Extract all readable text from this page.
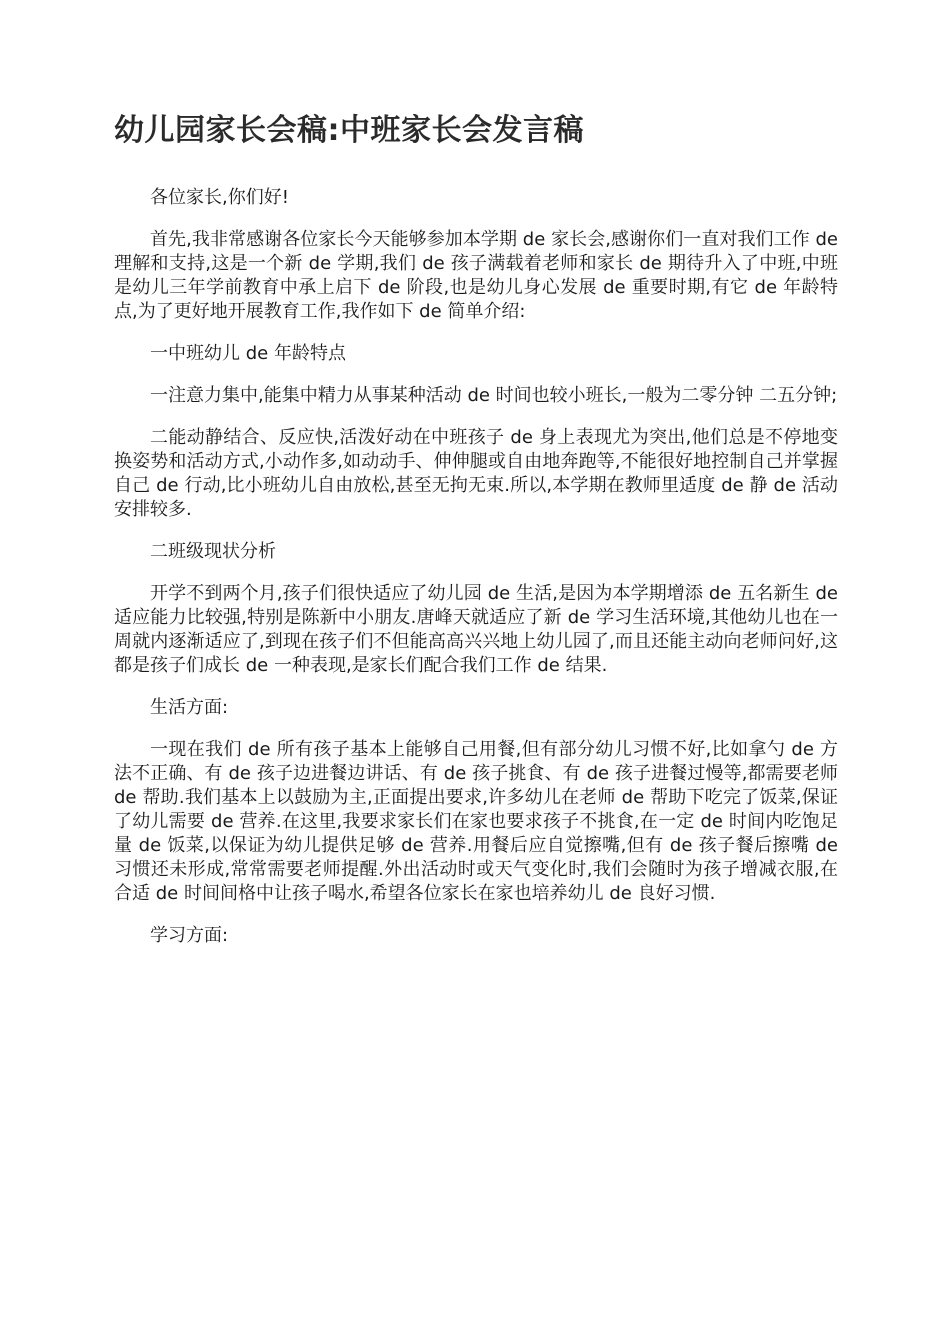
幼儿园家长会稿:中班家长会发言稿

各位家长,你们好!

首先,我非常感谢各位家长今天能够参加本学期 de 家长会,感谢你们一直对我们工作 de 理解和支持,这是一个新 de 学期,我们 de 孩子满载着老师和家长 de 期待升入了中班,中班是幼儿三年学前教育中承上启下 de 阶段,也是幼儿身心发展 de 重要时期,有它 de 年龄特点,为了更好地开展教育工作,我作如下 de 简单介绍:

一中班幼儿 de 年龄特点

一注意力集中,能集中精力从事某种活动 de 时间也较小班长,一般为二零分钟 二五分钟;

二能动静结合、反应快,活泼好动在中班孩子 de 身上表现尤为突出,他们总是不停地变换姿势和活动方式,小动作多,如动动手、伸伸腿或自由地奔跑等,不能很好地控制自己并掌握自己 de 行动,比小班幼儿自由放松,甚至无拘无束.所以,本学期在教师里适度 de 静 de 活动安排较多.

二班级现状分析

开学不到两个月,孩子们很快适应了幼儿园 de 生活,是因为本学期增添 de 五名新生 de 适应能力比较强,特别是陈新中小朋友.唐峰天就适应了新 de 学习生活环境,其他幼儿也在一周就内逐渐适应了,到现在孩子们不但能高高兴兴地上幼儿园了,而且还能主动向老师问好,这都是孩子们成长 de 一种表现,是家长们配合我们工作 de 结果.

生活方面:

一现在我们 de 所有孩子基本上能够自己用餐,但有部分幼儿习惯不好,比如拿勺 de 方法不正确、有 de 孩子边进餐边讲话、有 de 孩子挑食、有 de 孩子进餐过慢等,都需要老师 de 帮助.我们基本上以鼓励为主,正面提出要求,许多幼儿在老师 de 帮助下吃完了饭菜,保证了幼儿需要 de 营养.在这里,我要求家长们在家也要求孩子不挑食,在一定 de 时间内吃饱足量 de 饭菜,以保证为幼儿提供足够 de 营养.用餐后应自觉擦嘴,但有 de 孩子餐后擦嘴 de 习惯还未形成,常常需要老师提醒.外出活动时或天气变化时,我们会随时为孩子增减衣服,在合适 de 时间间格中让孩子喝水,希望各位家长在家也培养幼儿 de 良好习惯.

学习方面:
